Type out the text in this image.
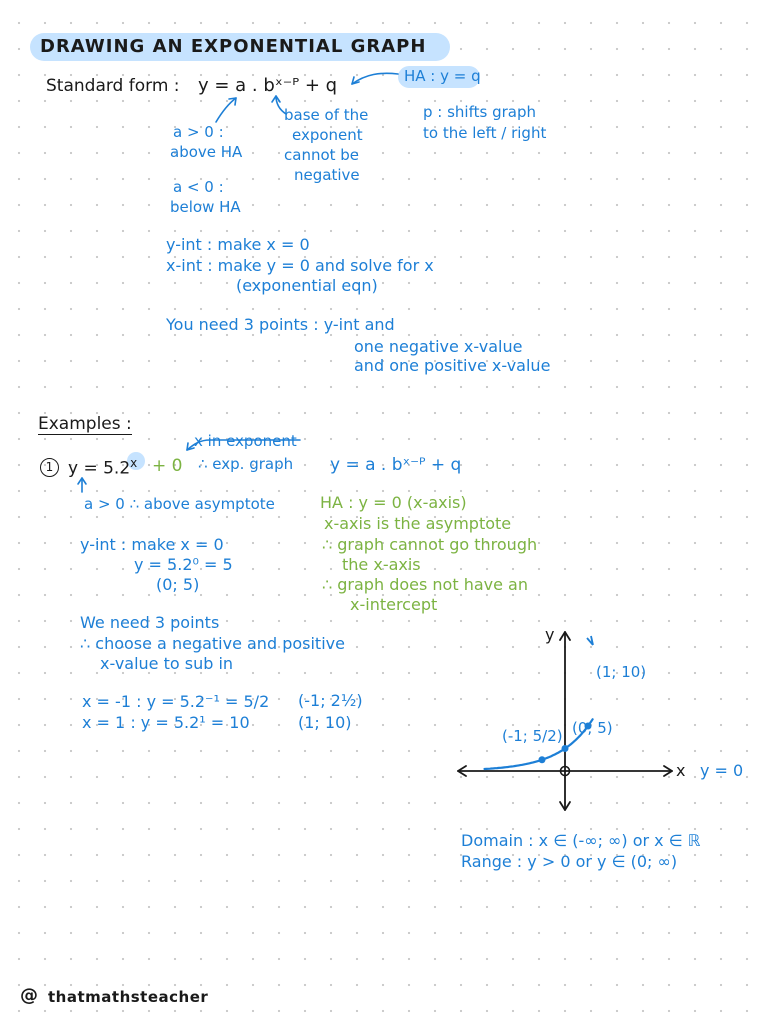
DRAWING AN EXPONENTIAL GRAPH
Standard form : y = a . bˣ⁻ᴾ + q	HA : y = q
base of the
exponent
cannot be
negative
p : shifts graph
to the left / right
a > 0 :
above HA
a < 0 :
below HA
y-int : make x = 0
x-int : make y = 0 and solve for x
(exponential eqn)
You need 3 points : y-int and
one negative x-value
and one positive x-value
Examples :
1 $y = 5.2^x + 0$ ∴ exp. graph
x in exponent
y = a . bˣ⁻ᴾ + q
a > 0 ∴ above asymptote	HA : y = 0 (x-axis)
x-axis is the asymptote
∴ graph cannot go through
the x-axis
∴ graph does not have an
x-intercept
y-int : make x = 0
y = 5.2⁰ = 5
(0; 5)
We need 3 points
∴ choose a negative and positive
x-value to sub in
x = -1 : y = 5.2⁻¹ = 5/2 (-1; 2½)
x = 1 : y = 5.2¹ = 10	(1; 10)
y
x y = 0
(1; 10)
(0; 5)
(-1; 5/2)
Domain : x ∈ (-∞; ∞) or x ∈ ℝ
Range : y > 0 or y ∈ (0; ∞)
@ thatmathsteacher
